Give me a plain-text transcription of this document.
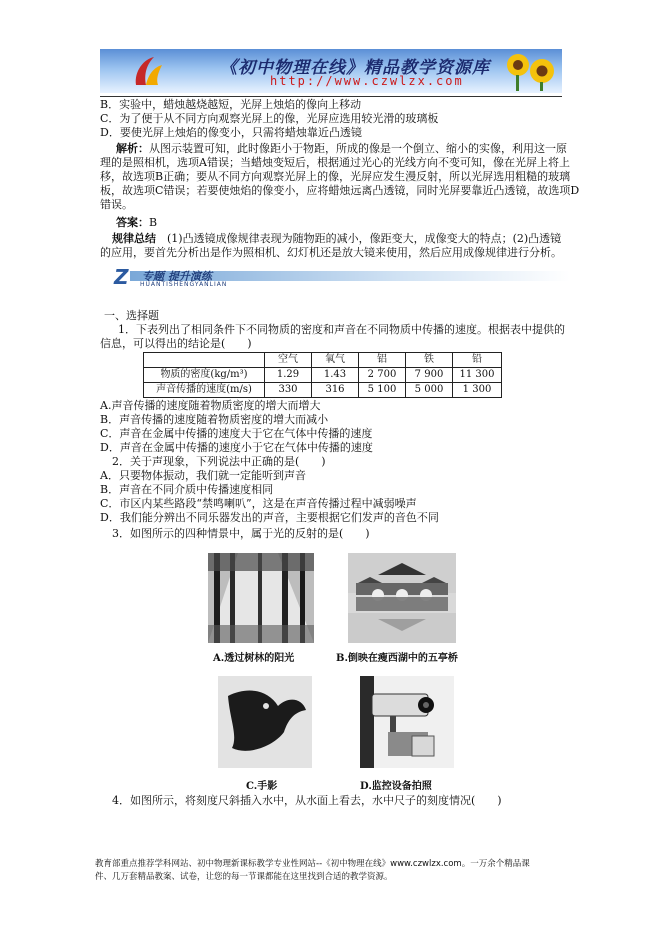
《初中物理在线》精品教学资源库
http://www.czwlzx.com
B．实验中，蜡烛越烧越短，光屏上烛焰的像向上移动
C．为了便于从不同方向观察光屏上的像，光屏应选用较光滑的玻璃板
D．要使光屏上烛焰的像变小，只需将蜡烛靠近凸透镜
解析：从图示装置可知，此时像距小于物距，所成的像是一个倒立、缩小的实像，利用这一原
理的是照相机，选项A错误；当蜡烛变短后，根据通过光心的光线方向不变可知，像在光屏上将上
移，故选项B正确；要从不同方向观察光屏上的像，光屏应发生漫反射，所以光屏选用粗糙的玻璃
板，故选项C错误；若要使烛焰的像变小，应将蜡烛远离凸透镜，同时光屏要靠近凸透镜，故选项D
错误。
答案：B
规律总结　 (1)凸透镜成像规律表现为随物距的减小，像距变大，成像变大的特点；(2)凸透镜
的应用，要首先分析出是作为照相机、幻灯机还是放大镜来使用，然后应用成像规律进行分析。
Z 专题 提升演练
HUANTISHENGYANLIAN
一、选择题
1．下表列出了相同条件下不同物质的密度和声音在不同物质中传播的速度。根据表中提供的
信息，可以得出的结论是(　　)
	空气	氧气	铝	铁	铅
物质的密度(kg/m³)	1.29	1.43	2 700	7 900	11 300
声音传播的速度(m/s)	330	316	5 100	5 000	1 300
A.声音传播的速度随着物质密度的增大而增大
B．声音传播的速度随着物质密度的增大而减小
C．声音在金属中传播的速度大于它在气体中传播的速度
D．声音在金属中传播的速度小于它在气体中传播的速度
2．关于声现象，下列说法中正确的是(　　)
A．只要物体振动，我们就一定能听到声音
B．声音在不同介质中传播速度相同
C．市区内某些路段“禁鸣喇叭”，这是在声音传播过程中减弱噪声
D．我们能分辨出不同乐器发出的声音，主要根据它们发声的音色不同
3．如图所示的四种情景中，属于光的反射的是(　　)
A.透过树林的阳光	B.倒映在瘦西湖中的五亭桥
C.手影	D.监控设备拍照
4．如图所示，将刻度尺斜插入水中，从水面上看去，水中尺子的刻度情况(　　)
教育部重点推荐学科网站、初中物理新课标教学专业性网站--《初中物理在线》www.czwlzx.com。一万余个精品课
件、几万套精品教案、试卷，让您的每一节课都能在这里找到合适的教学资源。
